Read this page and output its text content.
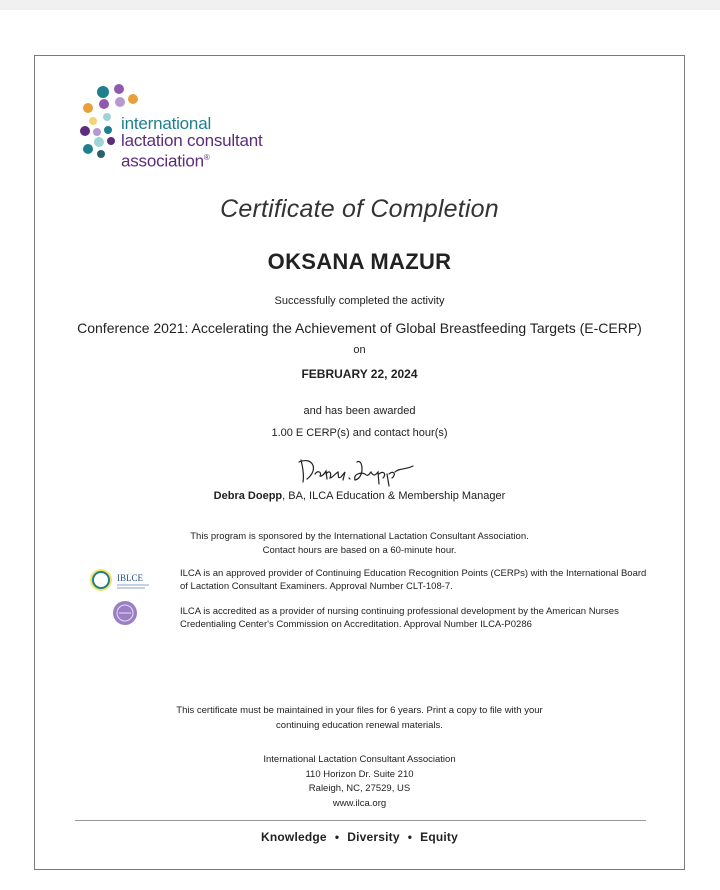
international
lactation consultant
association®
Certificate of Completion
OKSANA MAZUR
Successfully completed the activity
Conference 2021: Accelerating the Achievement of Global Breastfeeding Targets (E-CERP)
on
FEBRUARY 22, 2024
and has been awarded
1.00 E CERP(s) and contact hour(s)
Debra Doepp, BA, ILCA Education & Membership Manager
This program is sponsored by the International Lactation Consultant Association.
Contact hours are based on a 60-minute hour.
IBLCE	ILCA is an approved provider of Continuing Education Recognition Points (CERPs) with the International Board of Lactation Consultant Examiners. Approval Number CLT-108-7.
ILCA is accredited as a provider of nursing continuing professional development by the American Nurses Credentialing Center's Commission on Accreditation. Approval Number ILCA-P0286
This certificate must be maintained in your files for 6 years. Print a copy to file with your
continuing education renewal materials.
International Lactation Consultant Association
110 Horizon Dr. Suite 210
Raleigh, NC, 27529, US
www.ilca.org
Knowledge • Diversity • Equity
